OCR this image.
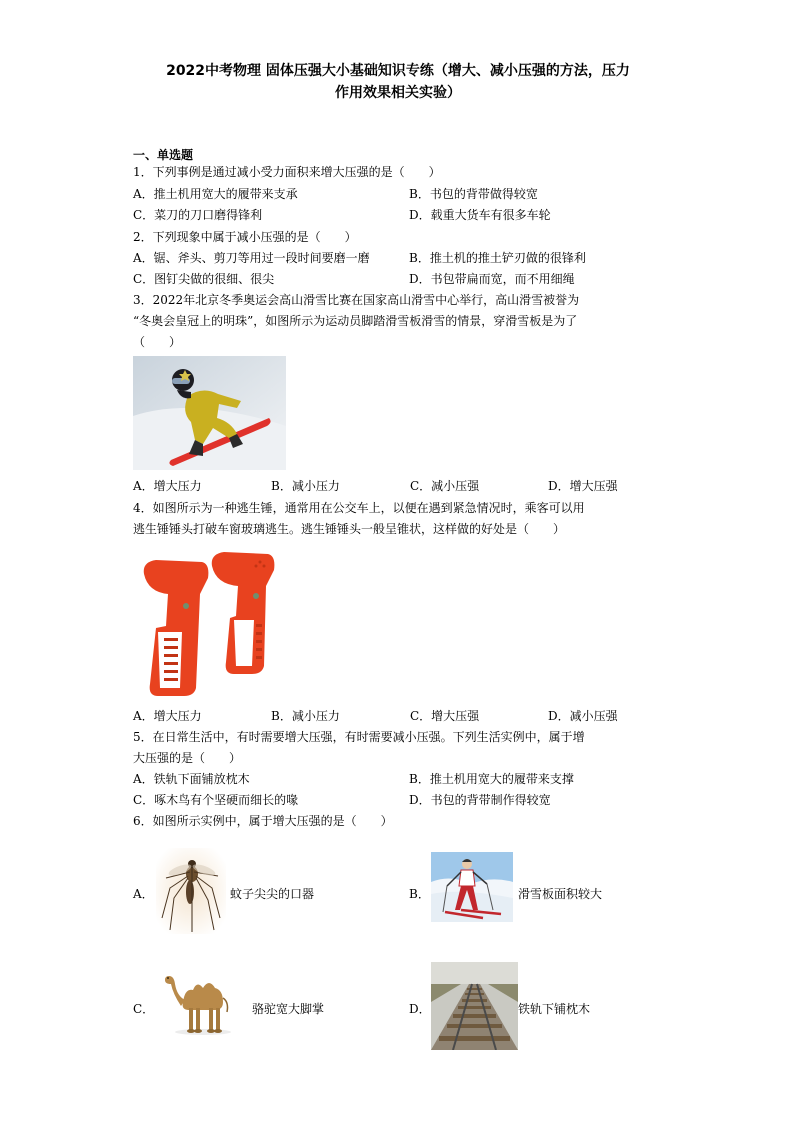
2022中考物理 固体压强大小基础知识专练（增大、减小压强的方法，压力
作用效果相关实验）
一、单选题
1．下列事例是通过减小受力面积来增大压强的是（　　）
A．推土机用宽大的履带来支承	B．书包的背带做得较宽
C．菜刀的刀口磨得锋利	D．载重大货车有很多车轮
2．下列现象中属于减小压强的是（　　）
A．锯、斧头、剪刀等用过一段时间要磨一磨	B．推土机的推土铲刃做的很锋利
C．图钉尖做的很细、很尖	D．书包带扁而宽，而不用细绳
3．2022年北京冬季奥运会高山滑雪比赛在国家高山滑雪中心举行，高山滑雪被誉为
“冬奥会皇冠上的明珠”，如图所示为运动员脚踏滑雪板滑雪的情景，穿滑雪板是为了
（　　）
A．增大压力	B．减小压力	C．减小压强	D．增大压强
4．如图所示为一种逃生锤，通常用在公交车上，以便在遇到紧急情况时，乘客可以用
逃生锤锤头打破车窗玻璃逃生。逃生锤锤头一般呈锥状，这样做的好处是（　　）
A．增大压力	B．减小压力	C．增大压强	D．减小压强
5．在日常生活中，有时需要增大压强，有时需要减小压强。下列生活实例中，属于增
大压强的是（　　）
A．铁轨下面铺放枕木	B．推土机用宽大的履带来支撑
C．啄木鸟有个坚硬而细长的喙	D．书包的背带制作得较宽
6．如图所示实例中，属于增大压强的是（　　）
A．	蚊子尖尖的口器	B．	滑雪板面积较大
C．	骆驼宽大脚掌	D．	铁轨下铺枕木
